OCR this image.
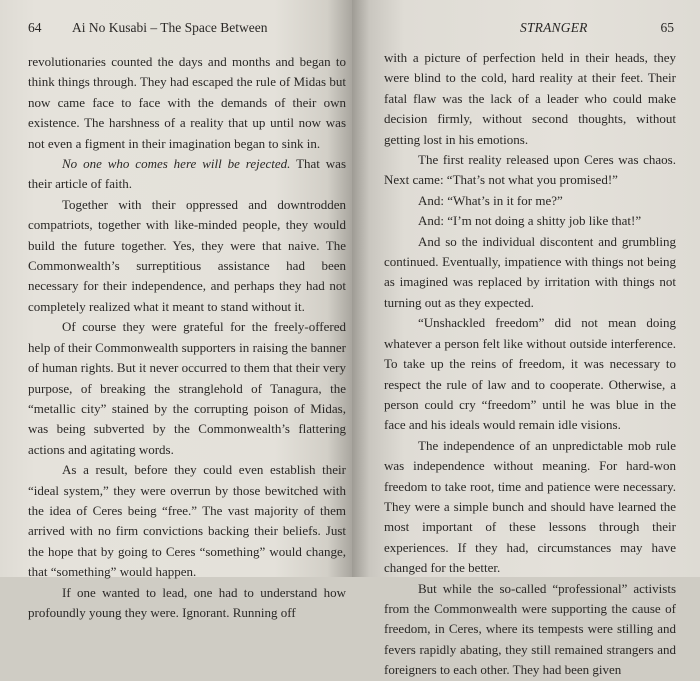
64 Ai No Kusabi – The Space Between

revolutionaries counted the days and months and began to think things through. They had escaped the rule of Midas but now came face to face with the demands of their own existence. The harshness of a reality that up until now was not even a figment in their imagination began to sink in.

No one who comes here will be rejected. That was their article of faith.

Together with their oppressed and downtrodden compatriots, together with like-minded people, they would build the future together. Yes, they were that naive. The Commonwealth’s surreptitious assistance had been necessary for their independence, and perhaps they had not completely realized what it meant to stand without it.

Of course they were grateful for the freely-offered help of their Commonwealth supporters in raising the banner of human rights. But it never occurred to them that their very purpose, of breaking the stranglehold of Tanagura, the “metallic city” stained by the corrupting poison of Midas, was being subverted by the Commonwealth’s flattering actions and agitating words.

As a result, before they could even establish their “ideal system,” they were overrun by those bewitched with the idea of Ceres being “free.” The vast majority of them arrived with no firm convictions backing their beliefs. Just the hope that by going to Ceres “something” would change, that “something” would happen.

If one wanted to lead, one had to understand how profoundly young they were. Ignorant. Running off

STRANGER	65

with a picture of perfection held in their heads, they were blind to the cold, hard reality at their feet. Their fatal flaw was the lack of a leader who could make decision firmly, without second thoughts, without getting lost in his emotions.

The first reality released upon Ceres was chaos. Next came: “That’s not what you promised!”

And: “What’s in it for me?”

And: “I’m not doing a shitty job like that!”

And so the individual discontent and grumbling continued. Eventually, impatience with things not being as imagined was replaced by irritation with things not turning out as they expected.

“Unshackled freedom” did not mean doing whatever a person felt like without outside interference. To take up the reins of freedom, it was necessary to respect the rule of law and to cooperate. Otherwise, a person could cry “freedom” until he was blue in the face and his ideals would remain idle visions.

The independence of an unpredictable mob rule was independence without meaning. For hard-won freedom to take root, time and patience were necessary. They were a simple bunch and should have learned the most important of these lessons through their experiences. If they had, circumstances may have changed for the better.

But while the so-called “professional” activists from the Commonwealth were supporting the cause of freedom, in Ceres, where its tempests were stilling and fevers rapidly abating, they still remained strangers and foreigners to each other. They had been given
